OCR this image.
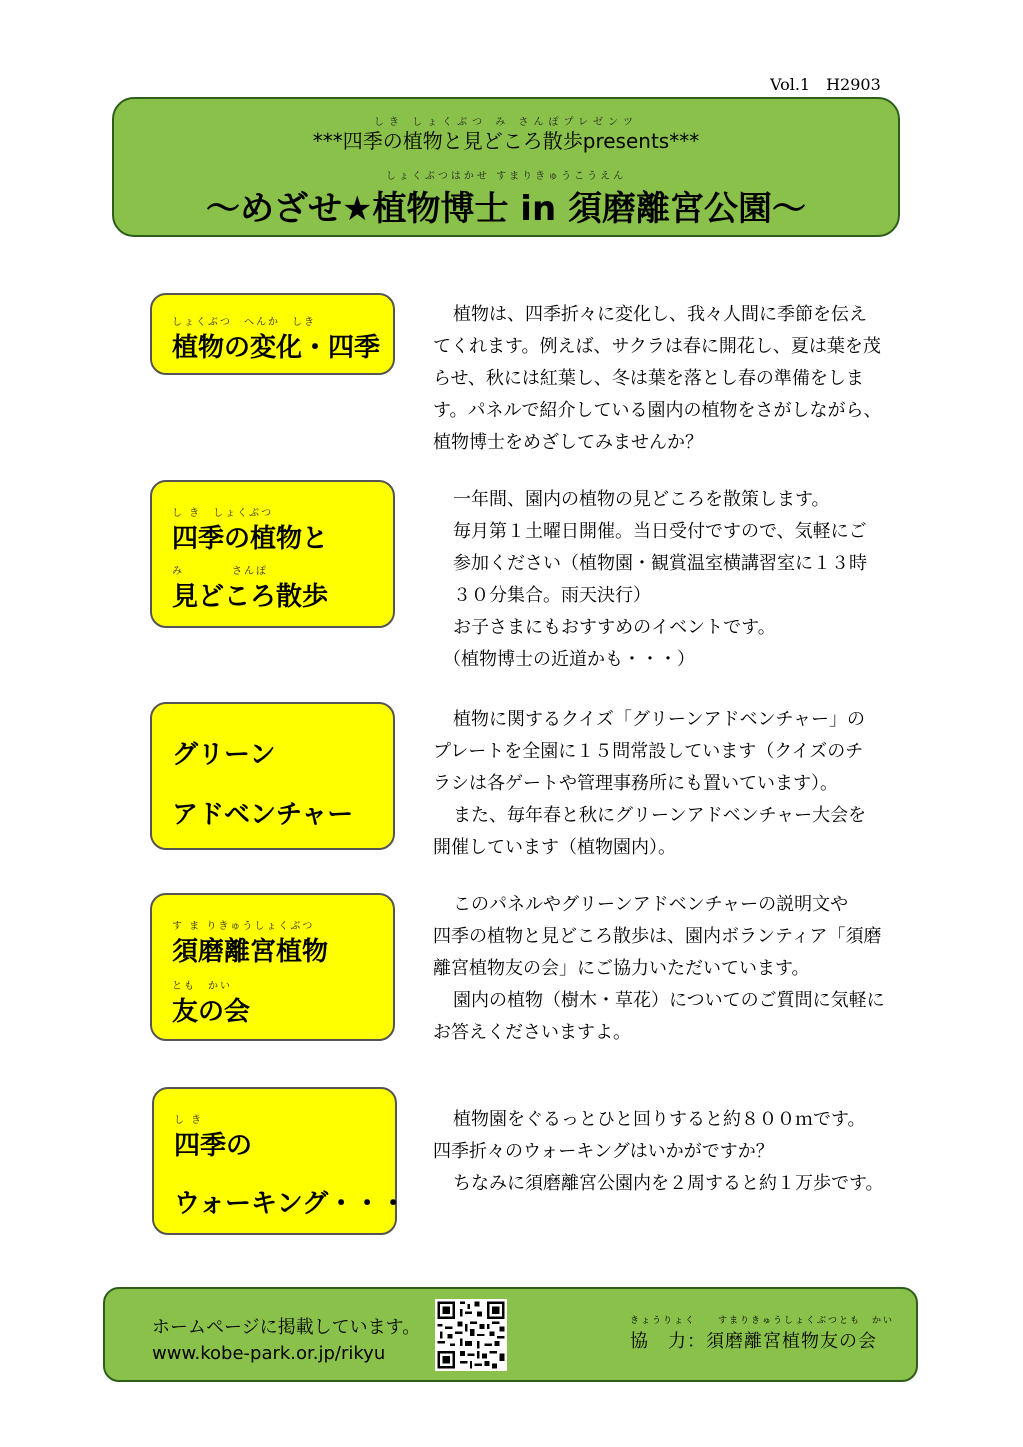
Vol.1　H2903
しき しょくぶつ み さんぽプレゼンツ
***四季の植物と見どころ散歩presents***
しょくぶつはかせ すまりきゅうこうえん
～めざせ★植物博士 in 須磨離宮公園～
しょくぶつ　へんか　しき
植物の変化・四季
植物は、四季折々に変化し、我々人間に季節を伝え
てくれます。例えば、サクラは春に開花し、夏は葉を茂
らせ、秋には紅葉し、冬は葉を落とし春の準備をしま
す。パネルで紹介している園内の植物をさがしながら、
植物博士をめざしてみませんか？
し き　しょくぶつ
四季の植物と
み　　　　さんぽ
見どころ散歩
一年間、園内の植物の見どころを散策します。
毎月第１土曜日開催。当日受付ですので、気軽にご
参加ください（植物園・観賞温室横講習室に１３時
３０分集合。雨天決行）
お子さまにもおすすめのイベントです。
（植物博士の近道かも・・・）
グリーン
アドベンチャー
植物に関するクイズ「グリーンアドベンチャー」の
プレートを全園に１５問常設しています（クイズのチ
ラシは各ゲートや管理事務所にも置いています）。
また、毎年春と秋にグリーンアドベンチャー大会を
開催しています（植物園内）。
す ま りきゅうしょくぶつ
須磨離宮植物
とも　かい
友の会
このパネルやグリーンアドベンチャーの説明文や
四季の植物と見どころ散歩は、園内ボランティア「須磨
離宮植物友の会」にご協力いただいています。
園内の植物（樹木・草花）についてのご質問に気軽に
お答えくださいますよ。
し き
四季の
ウォーキング・・・
植物園をぐるっとひと回りすると約８００ｍです。
四季折々のウォーキングはいかがですか？
ちなみに須磨離宮公園内を２周すると約１万歩です。
ホームページに掲載しています。
www.kobe-park.or.jp/rikyu
きょうりょく　　すまりきゅうしょくぶつとも　かい
協　力：須磨離宮植物友の会
